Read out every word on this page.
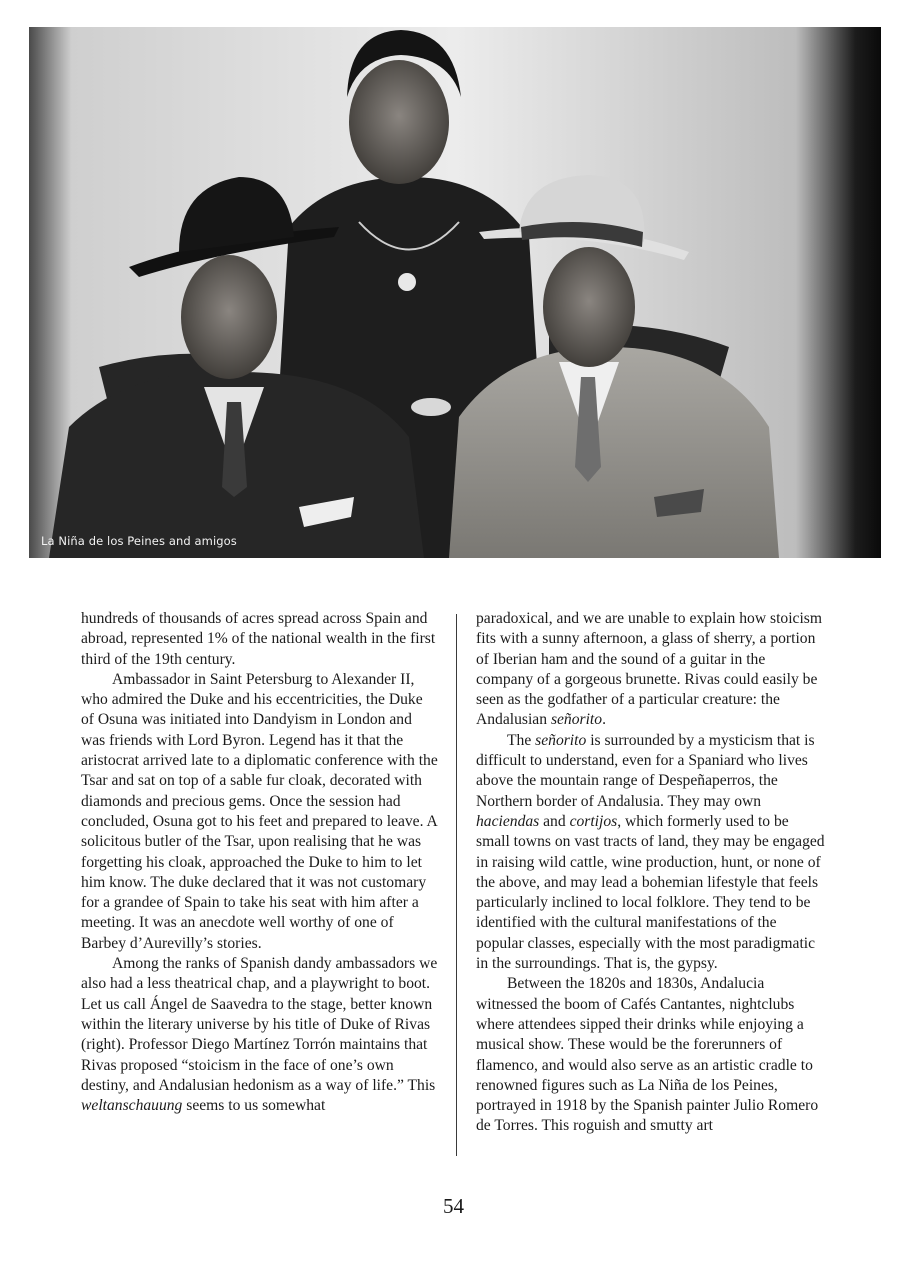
La Niña de los Peines and amigos

hundreds of thousands of acres spread across Spain and abroad, represented 1% of the national wealth in the first third of the 19th century.

Ambassador in Saint Petersburg to Alexander II, who admired the Duke and his eccentricities, the Duke of Osuna was initiated into Dandyism in London and was friends with Lord Byron. Legend has it that the aristocrat arrived late to a diplomatic conference with the Tsar and sat on top of a sable fur cloak, decorated with diamonds and precious gems. Once the session had concluded, Osuna got to his feet and prepared to leave. A solicitous butler of the Tsar, upon realising that he was forgetting his cloak, approached the Duke to him to let him know. The duke declared that it was not customary for a grandee of Spain to take his seat with him after a meeting. It was an anecdote well worthy of one of Barbey d’Aurevilly’s stories.

Among the ranks of Spanish dandy ambassadors we also had a less theatrical chap, and a playwright to boot. Let us call Ángel de Saavedra to the stage, better known within the literary universe by his title of Duke of Rivas (right). Professor Diego Martínez Torrón maintains that Rivas proposed “stoicism in the face of one’s own destiny, and Andalusian hedonism as a way of life.” This weltanschauung seems to us somewhat

paradoxical, and we are unable to explain how stoicism fits with a sunny afternoon, a glass of sherry, a portion of Iberian ham and the sound of a guitar in the company of a gorgeous brunette. Rivas could easily be seen as the godfather of a particular creature: the Andalusian señorito.

The señorito is surrounded by a mysticism that is difficult to understand, even for a Spaniard who lives above the mountain range of Despeñaperros, the Northern border of Andalusia. They may own haciendas and cortijos, which formerly used to be small towns on vast tracts of land, they may be engaged in raising wild cattle, wine production, hunt, or none of the above, and may lead a bohemian lifestyle that feels particularly inclined to local folklore. They tend to be identified with the cultural manifestations of the popular classes, especially with the most paradigmatic in the surroundings. That is, the gypsy.

Between the 1820s and 1830s, Andalucia witnessed the boom of Cafés Cantantes, nightclubs where attendees sipped their drinks while enjoying a musical show. These would be the forerunners of flamenco, and would also serve as an artistic cradle to renowned figures such as La Niña de los Peines, portrayed in 1918 by the Spanish painter Julio Romero de Torres. This roguish and smutty art

54
